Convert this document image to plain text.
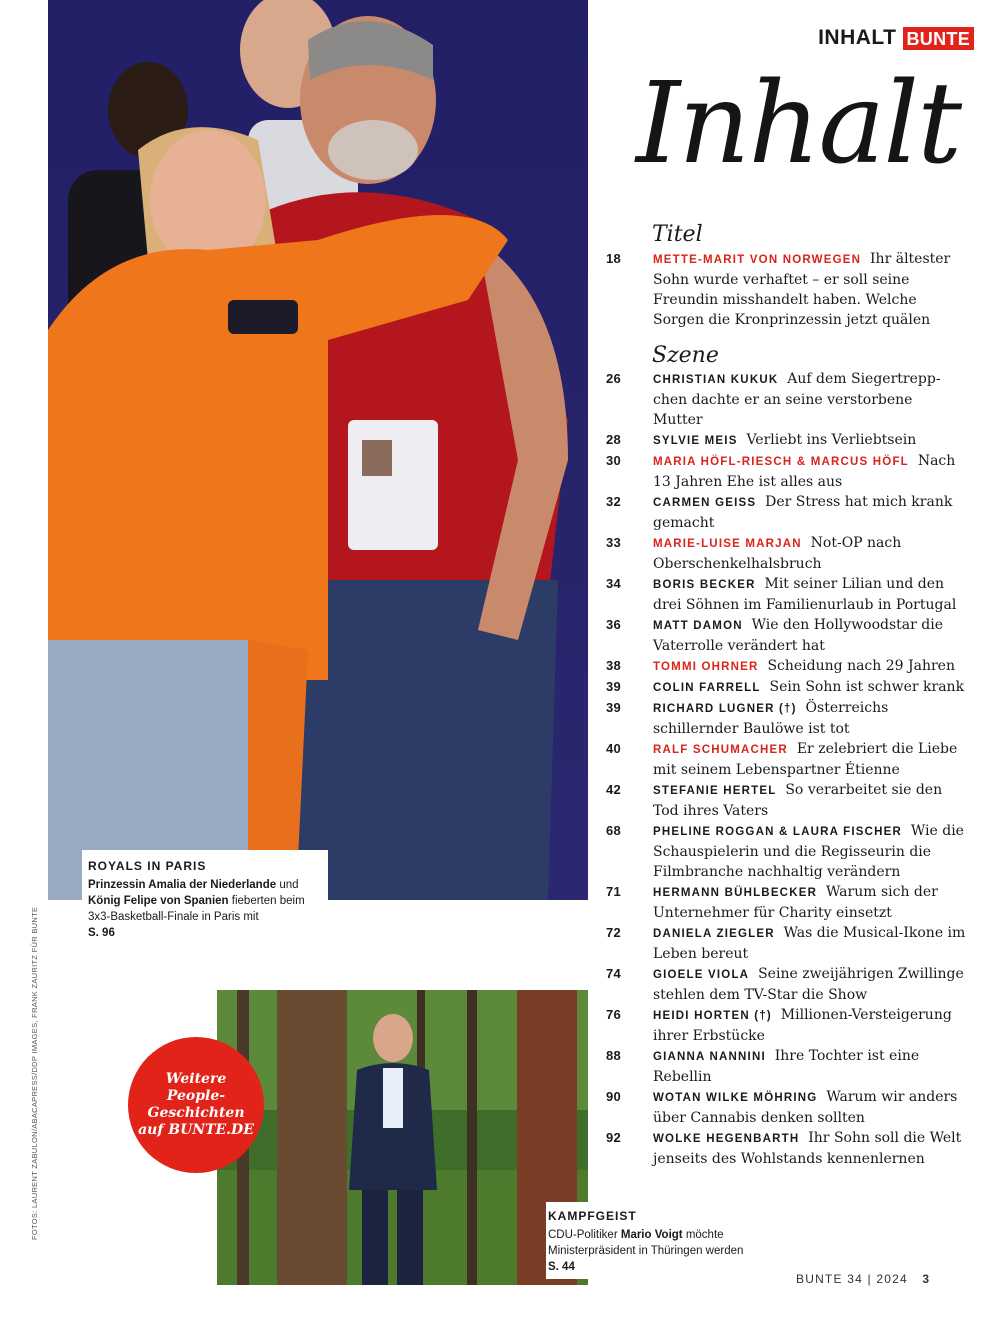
INHALT BUNTE
Inhalt
ROYALS IN PARIS
Prinzessin Amalia der Niederlande und König Felipe von Spanien fieberten beim 3x3-Basketball-Finale in Paris mit
S. 96
FOTOS: LAURENT ZABULON/ABACAPRESS/DDP IMAGES, FRANK ZAURITZ FÜR BUNTE	Weitere People-Geschichten auf BUNTE.DE
KAMPFGEIST
CDU-Politiker Mario Voigt möchte Ministerpräsident in Thüringen werden
S. 44
Titel
18	METTE-MARIT VON NORWEGEN Ihr ältester Sohn wurde verhaftet – er soll seine Freundin misshandelt haben. Welche Sorgen die Kronprinzessin jetzt quälen
Szene
26	CHRISTIAN KUKUK Auf dem Siegertreppchen dachte er an seine verstorbene Mutter
28	SYLVIE MEIS Verliebt ins Verliebtsein
30	MARIA HÖFL-RIESCH & MARCUS HÖFL Nach 13 Jahren Ehe ist alles aus
32	CARMEN GEISS Der Stress hat mich krank gemacht
33	MARIE-LUISE MARJAN Not-OP nach Oberschenkelhalsbruch
34	BORIS BECKER Mit seiner Lilian und den drei Söhnen im Familienurlaub in Portugal
36	MATT DAMON Wie den Hollywoodstar die Vaterrolle verändert hat
38	TOMMI OHRNER Scheidung nach 29 Jahren
39	COLIN FARRELL Sein Sohn ist schwer krank
39	RICHARD LUGNER (†) Österreichs schillernder Baulöwe ist tot
40	RALF SCHUMACHER Er zelebriert die Liebe mit seinem Lebenspartner Étienne
42	STEFANIE HERTEL So verarbeitet sie den Tod ihres Vaters
68	PHELINE ROGGAN & LAURA FISCHER Wie die Schauspielerin und die Regisseurin die Filmbranche nachhaltig verändern
71	HERMANN BÜHLBECKER Warum sich der Unternehmer für Charity einsetzt
72	DANIELA ZIEGLER Was die Musical-Ikone im Leben bereut
74	GIOELE VIOLA Seine zweijährigen Zwillinge stehlen dem TV-Star die Show
76	HEIDI HORTEN (†) Millionen-Versteigerung ihrer Erbstücke
88	GIANNA NANNINI Ihre Tochter ist eine Rebellin
90	WOTAN WILKE MÖHRING Warum wir anders über Cannabis denken sollten
92	WOLKE HEGENBARTH Ihr Sohn soll die Welt jenseits des Wohlstands kennenlernen
BUNTE 34 | 2024 3
